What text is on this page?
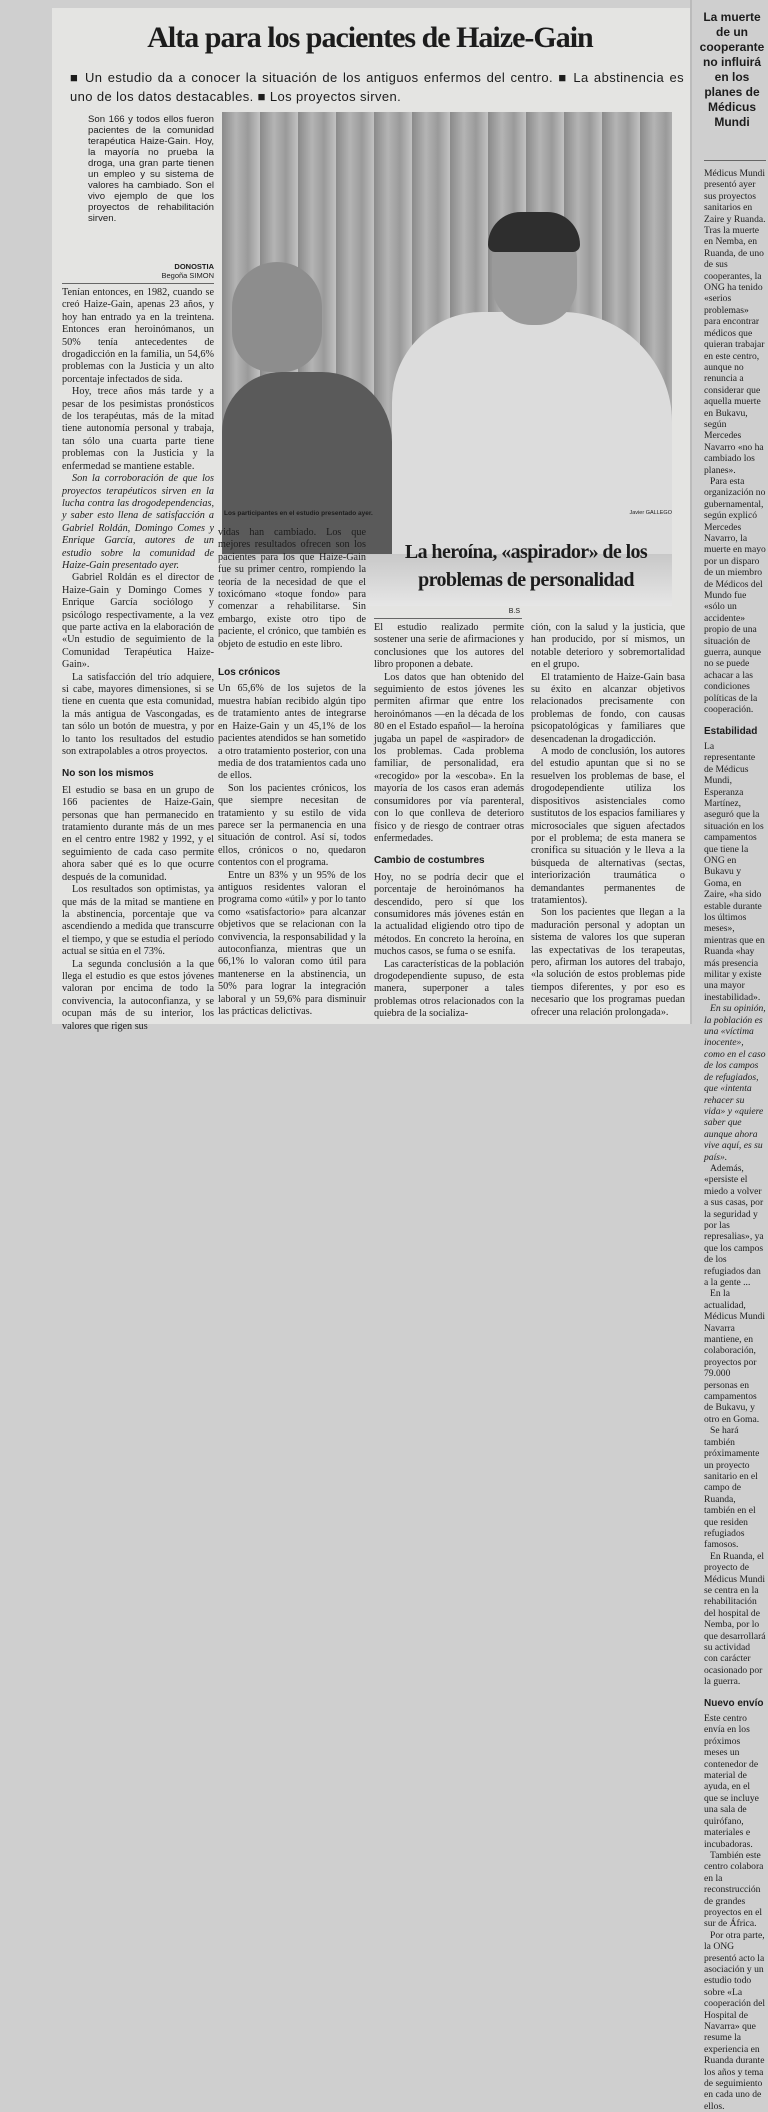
Alta para los pacientes de Haize-Gain
■ Un estudio da a conocer la situación de los antiguos enfermos del centro. ■ La abstinencia es uno de los datos destacables. ■ Los proyectos sirven.
Son 166 y todos ellos fueron pacientes de la comunidad terapéutica Haize-Gain. Hoy, la mayoría no prueba la droga, una gran parte tienen un empleo y su sistema de valores ha cambiado. Son el vivo ejemplo de que los proyectos de rehabilitación sirven.
DONOSTIA
Begoña SIMON

Tenían entonces, en 1982, cuando se creó Haize-Gain, apenas 23 años, y hoy han entrado ya en la treintena. Entonces eran heroinómanos, un 50% tenía antecedentes de drogadicción en la familia, un 54,6% problemas con la Justicia y un alto porcentaje infectados de sida.

Hoy, trece años más tarde y a pesar de los pesimistas pronósticos de los terapéutas, más de la mitad tiene autonomía personal y trabaja, tan sólo una cuarta parte tiene problemas con la Justicia y la enfermedad se mantiene estable.

Son la corroboración de que los proyectos terapéuticos sirven en la lucha contra las drogodependencias, y saber esto llena de satisfacción a Gabriel Roldán, Domingo Comes y Enrique García, autores de un estudio sobre la comunidad de Haize-Gain presentado ayer.

Gabriel Roldán es el director de Haize-Gain y Domingo Comes y Enrique García sociólogo y psicólogo respectivamente, a la vez que parte activa en la elaboración de «Un estudio de seguimiento de la Comunidad Terapéutica Haize-Gain».

La satisfacción del trío adquiere, si cabe, mayores dimensiones, si se tiene en cuenta que esta comunidad, la más antigua de Vascongadas, es tan sólo un botón de muestra, y por lo tanto los resultados del estudio son extrapolables a otros proyectos.

No son los mismos

El estudio se basa en un grupo de 166 pacientes de Haize-Gain, personas que han permanecido en tratamiento durante más de un mes en el centro entre 1982 y 1992, y el seguimiento de cada caso permite ahora saber qué es lo que ocurre después de la comunidad.

Los resultados son optimistas, ya que más de la mitad se mantiene en la abstinencia, porcentaje que va ascendiendo a medida que transcurre el tiempo, y que se estudia el período actual se sitúa en el 73%.

La segunda conclusión a la que llega el estudio es que estos jóvenes valoran por encima de todo la convivencia, la autoconfianza, y se ocupan más de su interior, los valores que rigen sus

Los participantes en el estudio presentado ayer.	Javier GALLEGO

vidas han cambiado. Los que mejores resultados ofrecen son los pacientes para los que Haize-Gain fue su primer centro, rompiendo la teoría de la necesidad de que el toxicómano «toque fondo» para comenzar a rehabilitarse. Sin embargo, existe otro tipo de paciente, el crónico, que también es objeto de estudio en este libro.

Los crónicos

Un 65,6% de los sujetos de la muestra habían recibido algún tipo de tratamiento antes de integrarse en Haize-Gain y un 45,1% de los pacientes atendidos se han sometido a otro tratamiento posterior, con una media de dos tratamientos cada uno de ellos.

Son los pacientes crónicos, los que siempre necesitan de tratamiento y su estilo de vida parece ser la permanencia en una situación de control. Así sí, todos ellos, crónicos o no, quedaron contentos con el programa.

Entre un 83% y un 95% de los antiguos residentes valoran el programa como «útil» y por lo tanto como «satisfactorio» para alcanzar objetivos que se relacionan con la convivencia, la responsabilidad y la autoconfianza, mientras que un 66,1% lo valoran como útil para mantenerse en la abstinencia, un 50% para lograr la integración laboral y un 59,6% para disminuir las prácticas delictivas.

La heroína, «aspirador» de los problemas de personalidad
B.S

El estudio realizado permite sostener una serie de afirmaciones y conclusiones que los autores del libro proponen a debate.

Los datos que han obtenido del seguimiento de estos jóvenes les permiten afirmar que entre los heroinómanos —en la década de los 80 en el Estado español— la heroína jugaba un papel de «aspirador» de los problemas. Cada problema familiar, de personalidad, era «recogido» por la «escoba». En la mayoría de los casos eran además consumidores por vía parenteral, con lo que conlleva de deterioro físico y de riesgo de contraer otras enfermedades.

Cambio de costumbres

Hoy, no se podría decir que el porcentaje de heroinómanos ha descendido, pero sí que los consumidores más jóvenes están en la actualidad eligiendo otro tipo de métodos. En concreto la heroína, en muchos casos, se fuma o se esnifa.

Las características de la población drogodependiente supuso, de esta manera, superponer a tales problemas otros relacionados con la quiebra de la socializa-

ción, con la salud y la justicia, que han producido, por sí mismos, un notable deterioro y sobremortalidad en el grupo.

El tratamiento de Haize-Gain basa su éxito en alcanzar objetivos relacionados precisamente con problemas de fondo, con causas psicopatológicas y familiares que desencadenan la drogadicción.

A modo de conclusión, los autores del estudio apuntan que si no se resuelven los problemas de base, el drogodependiente utiliza los dispositivos asistenciales como sustitutos de los espacios familiares y microsociales que siguen afectados por el problema; de esta manera se cronifica su situación y le lleva a la búsqueda de alternativas (sectas, interiorización traumática o demandantes permanentes de tratamientos).

Son los pacientes que llegan a la maduración personal y adoptan un sistema de valores los que superan las expectativas de los terapeutas, pero, afirman los autores del trabajo, «la solución de estos problemas pide tiempos diferentes, y por eso es necesario que los programas puedan ofrecer una relación prolongada».

La muerte de un cooperante no influirá en los planes de Médicus Mundi

Médicus Mundi presentó ayer sus proyectos sanitarios en Zaire y Ruanda. Tras la muerte en Nemba, en Ruanda, de uno de sus cooperantes, la ONG ha tenido «serios problemas» para encontrar médicos que quieran trabajar en este centro, aunque no renuncia a considerar que aquella muerte en Bukavu, según Mercedes Navarro «no ha cambiado los planes».

Para esta organización no gubernamental, según explicó Mercedes Navarro, la muerte en mayo por un disparo de un miembro de Médicos del Mundo fue «sólo un accidente» propio de una situación de guerra, aunque no se puede achacar a las condiciones políticas de la cooperación.

Estabilidad

La representante de Médicus Mundi, Esperanza Martínez, aseguró que la situación en los campamentos que tiene la ONG en Bukavu y Goma, en Zaire, «ha sido estable durante los últimos meses», mientras que en Ruanda «hay más presencia militar y existe una mayor inestabilidad».

En su opinión, la población es una «víctima inocente», como en el caso de los campos de refugiados, que «intenta rehacer su vida» y «quiere saber que aunque ahora vive aquí, es su país».

Además, «persiste el miedo a volver a sus casas, por la seguridad y por las represalias», ya que los campos de los refugiados dan a la gente ...

En la actualidad, Médicus Mundi Navarra mantiene, en colaboración, proyectos por 79.000 personas en campamentos de Bukavu, y otro en Goma.

Se hará también próximamente un proyecto sanitario en el campo de Ruanda, también en el que residen refugiados famosos.

En Ruanda, el proyecto de Médicus Mundi se centra en la rehabilitación del hospital de Nemba, por lo que desarrollará su actividad con carácter ocasionado por la guerra.

Nuevo envío

Este centro envía en los próximos meses un contenedor de material de ayuda, en el que se incluye una sala de quirófano, materiales e incubadoras.

También este centro colabora en la reconstrucción de grandes proyectos en el sur de África.

Por otra parte, la ONG presentó acto la asociación y un estudio todo sobre «La cooperación del Hospital de Navarra» que resume la experiencia en Ruanda durante los años y tema de seguimiento en cada uno de ellos.
